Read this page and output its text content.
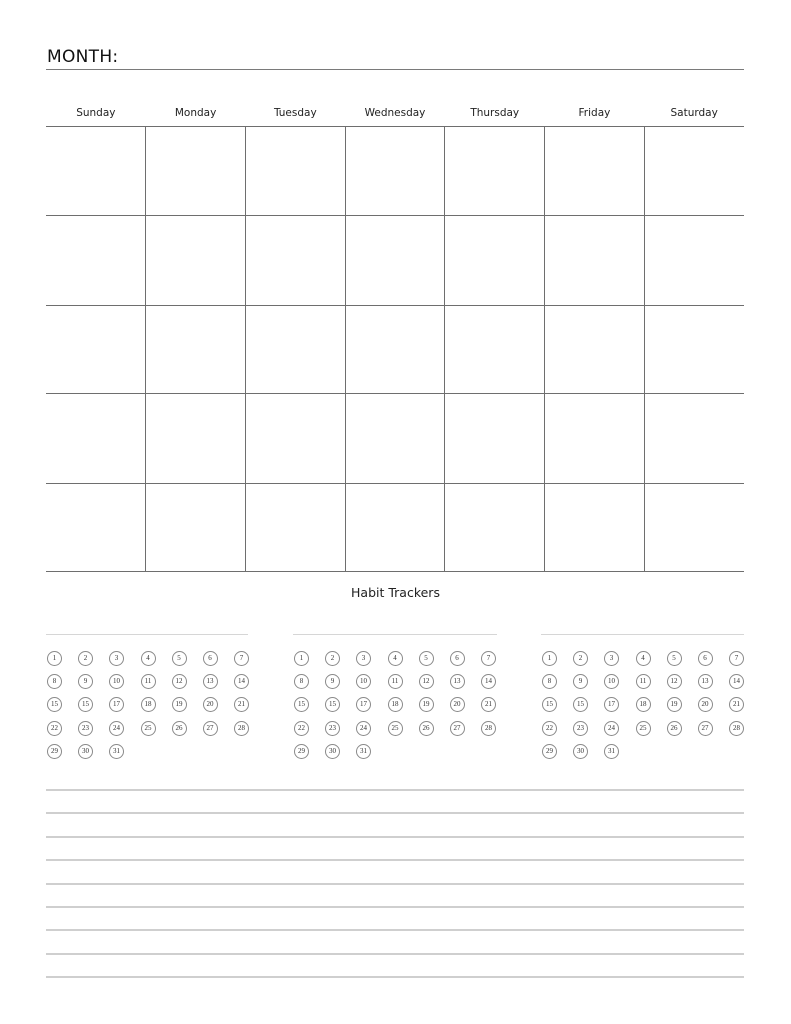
MONTH:
Sunday	Monday	Tuesday	Wednesday	Thursday	Friday	Saturday
Habit Trackers
1	2	3	4	5	6	7
8	9	10	11	12	13	14
15	15	17	18	19	20	21
22	23	24	25	26	27	28
29	30	31
1	2	3	4	5	6	7
8	9	10	11	12	13	14
15	15	17	18	19	20	21
22	23	24	25	26	27	28
29	30	31
1	2	3	4	5	6	7
8	9	10	11	12	13	14
15	15	17	18	19	20	21
22	23	24	25	26	27	28
29	30	31
